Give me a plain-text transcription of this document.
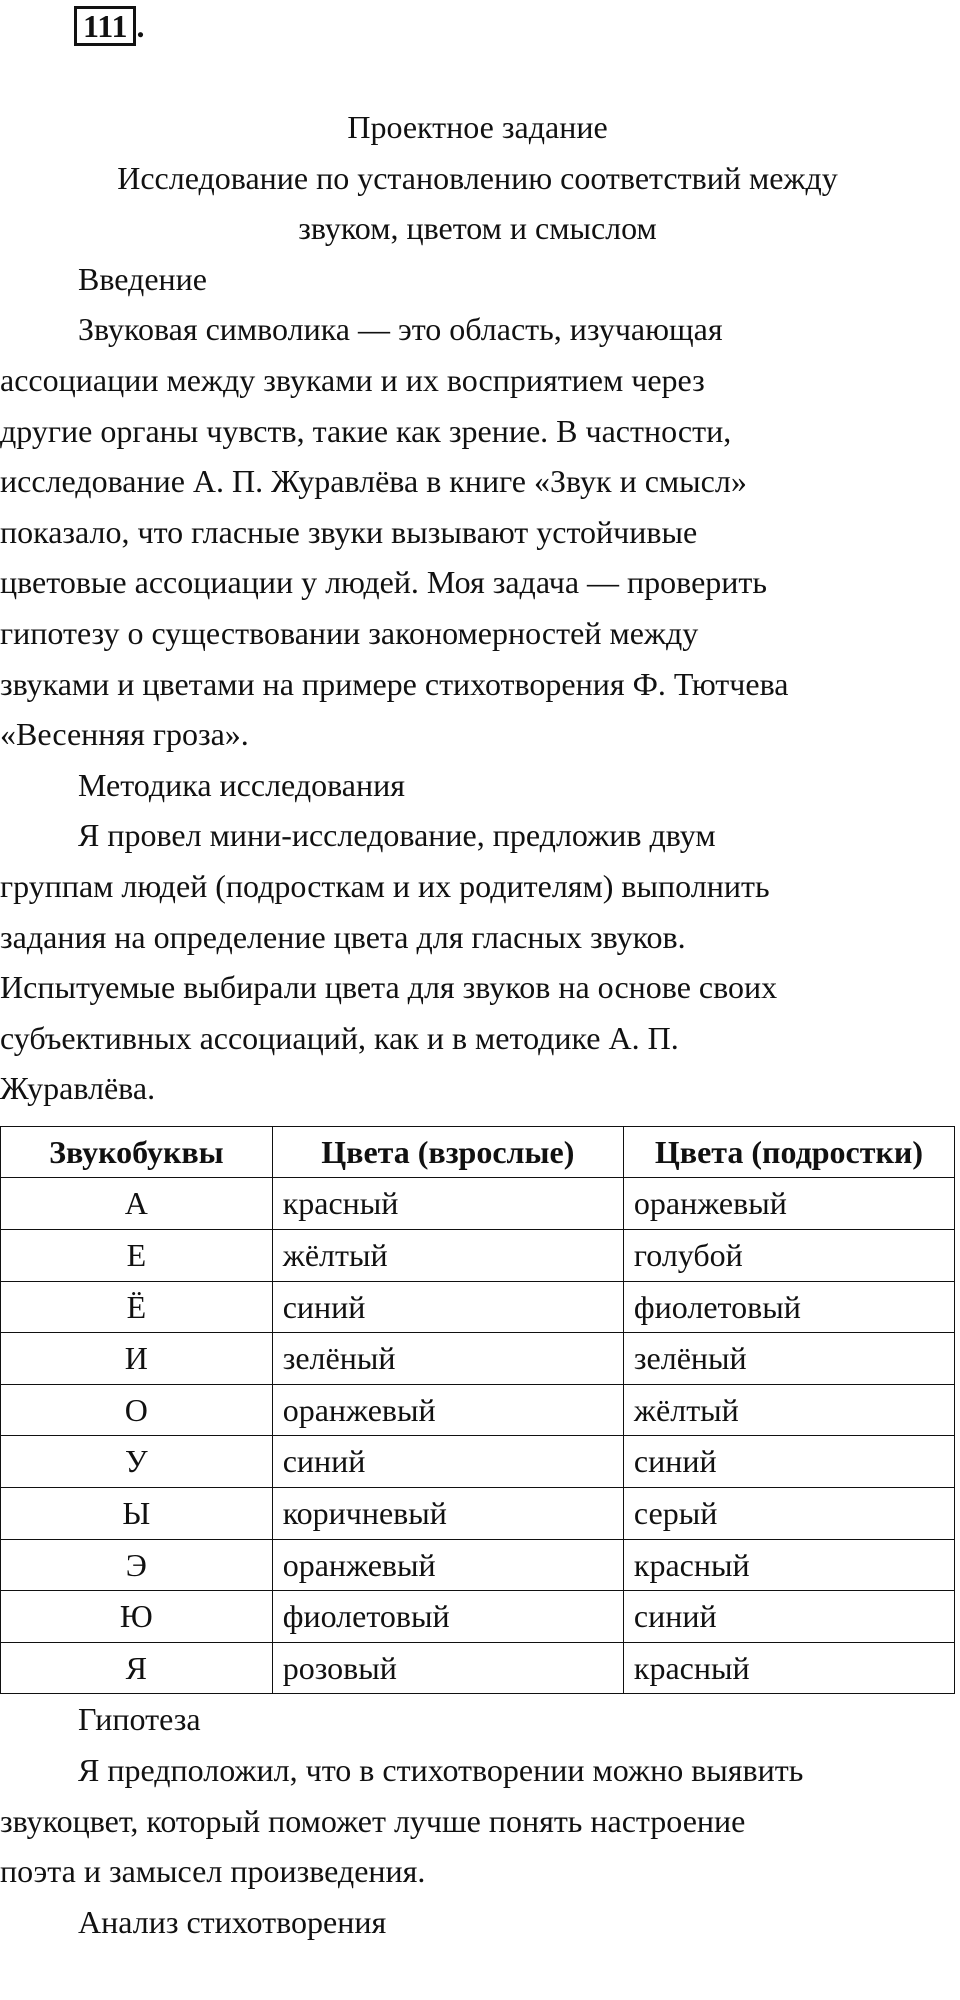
111 .

Проектное задание

Исследование по установлению соответствий между

звуком, цветом и смыслом

Введение

Звуковая символика — это область, изучающая
ассоциации между звуками и их восприятием через
другие органы чувств, такие как зрение. В частности,
исследование А. П. Журавлёва в книге «Звук и смысл»
показало, что гласные звуки вызывают устойчивые
цветовые ассоциации у людей. Моя задача — проверить
гипотезу о существовании закономерностей между
звуками и цветами на примере стихотворения Ф. Тютчева
«Весенняя гроза».

Методика исследования

Я провел мини-исследование, предложив двум
группам людей (подросткам и их родителям) выполнить
задания на определение цвета для гласных звуков.
Испытуемые выбирали цвета для звуков на основе своих
субъективных ассоциаций, как и в методике А. П.
Журавлёва.
Звукобуквы	Цвета (взрослые)	Цвета (подростки)
А	красный	оранжевый
Е	жёлтый	голубой
Ё	синий	фиолетовый
И	зелёный	зелёный
О	оранжевый	жёлтый
У	синий	синий
Ы	коричневый	серый
Э	оранжевый	красный
Ю	фиолетовый	синий
Я	розовый	красный

Гипотеза

Я предположил, что в стихотворении можно выявить
звукоцвет, который поможет лучше понять настроение
поэта и замысел произведения.

Анализ стихотворения
